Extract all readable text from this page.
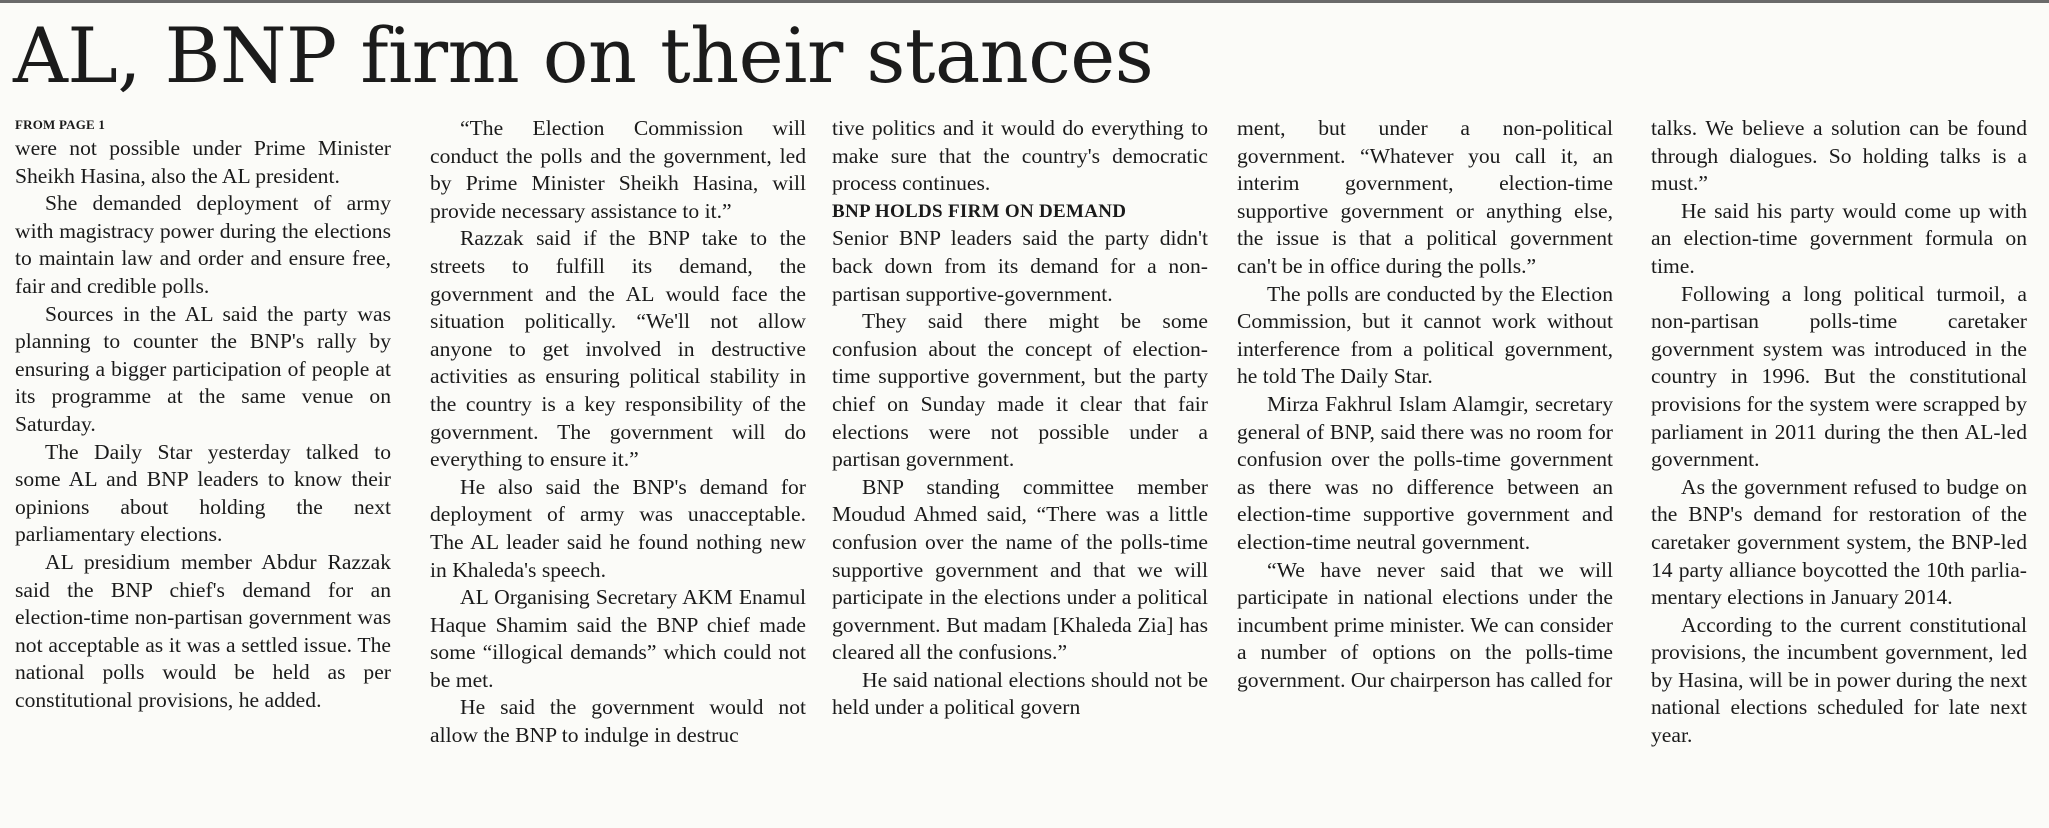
AL, BNP firm on their stances
FROM PAGE 1

were not possible under Prime Minister Sheikh Hasina, also the AL president.

She demanded deployment of army with magistracy power during the elections to maintain law and order and ensure free, fair and credible polls.

Sources in the AL said the party was planning to counter the BNP's rally by ensuring a bigger participation of people at its programme at the same venue on Saturday.

The Daily Star yesterday talked to some AL and BNP leaders to know their opinions about holding the next parliamentary elections.

AL presidium member Abdur Razzak said the BNP chief's demand for an election-time non-partisan government was not acceptable as it was a settled issue. The national polls would be held as per constitutional provisions, he added.

“The Election Commission will conduct the polls and the government, led by Prime Minister Sheikh Hasina, will provide necessary assistance to it.”

Razzak said if the BNP take to the streets to fulfill its demand, the government and the AL would face the situation politically. “We'll not allow anyone to get involved in destructive activities as ensuring political stability in the country is a key responsibility of the government. The government will do everything to ensure it.”

He also said the BNP's demand for deployment of army was unacceptable. The AL leader said he found nothing new in Khaleda's speech.

AL Organising Secretary AKM Enamul Haque Shamim said the BNP chief made some “illogical demands” which could not be met.

He said the government would not allow the BNP to indulge in destruc

tive politics and it would do everything to make sure that the country's democratic process continues.

BNP HOLDS FIRM ON DEMAND

Senior BNP leaders said the party didn't back down from its demand for a non-partisan supportive-government.

They said there might be some confusion about the concept of election-time supportive government, but the party chief on Sunday made it clear that fair elections were not possible under a partisan government.

BNP standing committee member Moudud Ahmed said, “There was a little confusion over the name of the polls-time supportive government and that we will participate in the elections under a political government. But madam [Khaleda Zia] has cleared all the confusions.”

He said national elections should not be held under a political govern

ment, but under a non-political government. “Whatever you call it, an interim government, election-time supportive government or anything else, the issue is that a political government can't be in office during the polls.”

The polls are conducted by the Election Commission, but it cannot work without interference from a political government, he told The Daily Star.

Mirza Fakhrul Islam Alamgir, secretary general of BNP, said there was no room for confusion over the polls-time government as there was no difference between an election-time supportive government and election-time neutral government.

“We have never said that we will participate in national elections under the incumbent prime minister. We can consider a number of options on the polls-time government. Our chairperson has called for

talks. We believe a solution can be found through dialogues. So holding talks is a must.”

He said his party would come up with an election-time government formula on time.

Following a long political turmoil, a non-partisan polls-time caretaker government system was introduced in the country in 1996. But the constitutional provisions for the system were scrapped by parliament in 2011 during the then AL-led government.

As the government refused to budge on the BNP's demand for restoration of the caretaker government system, the BNP-led 14 party alliance boycotted the 10th parliamentary elections in January 2014.

According to the current constitutional provisions, the incumbent government, led by Hasina, will be in power during the next national elections scheduled for late next year.
